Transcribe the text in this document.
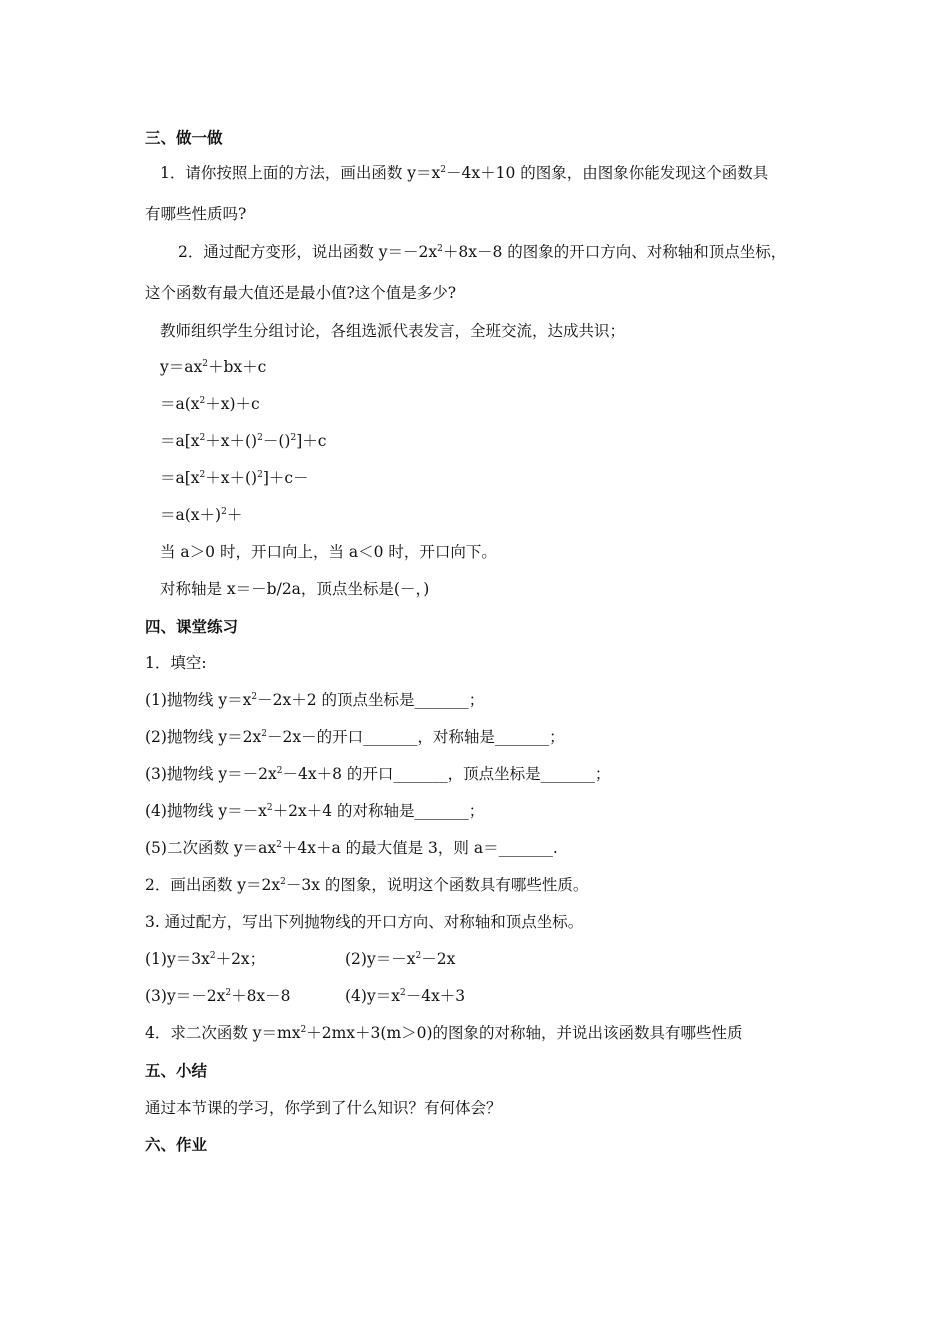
三、做一做
1．请你按照上面的方法，画出函数 $y=x^2-4x+10$ 的图象，由图象你能发现这个函数具
有哪些性质吗?
2．通过配方变形，说出函数 $y=-2x^2+8x-8$ 的图象的开口方向、对称轴和顶点坐标，
这个函数有最大值还是最小值?这个值是多少?
教师组织学生分组讨论，各组选派代表发言，全班交流，达成共识；
$y=ax^2+bx+c$
$=a(x^2+x)+c$
$=a[x^2+x+()^2-()^2]+c$
$=a[x^2+x+()^2]+c-$
$=a(x+)^2+$
当 a＞0 时，开口向上，当 a＜0 时，开口向下。
对称轴是 x＝－b/2a，顶点坐标是(－，)
四、课堂练习
1．填空:
(1)抛物线 $y=x^2-2x+2$ 的顶点坐标是_______；
(2)抛物线 $y=2x^2-2x-$的开口_______，对称轴是_______；
(3)抛物线 $y=-2x^2-4x+8$ 的开口_______，顶点坐标是_______；
(4)抛物线 $y=-x^2+2x+4$ 的对称轴是_______；
(5)二次函数 $y=ax^2+4x+a$ 的最大值是 3，则 a＝_______.
2．画出函数 $y=2x^2-3x$ 的图象，说明这个函数具有哪些性质。
3. 通过配方，写出下列抛物线的开口方向、对称轴和顶点坐标。
$(1)y=3x^2+2x$；	$(2)y=-x^2-2x$
$(3)y=-2x^2+8x-8$	$(4)y=x^2-4x+3$
4．求二次函数 $y=mx^2+2mx+3(m>0)$的图象的对称轴，并说出该函数具有哪些性质
五、小结
通过本节课的学习，你学到了什么知识？有何体会？
六、作业
